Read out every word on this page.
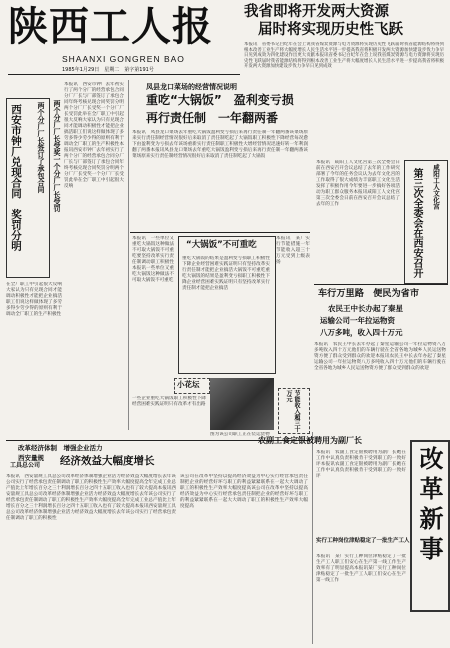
陕西工人报
SHAANXI GONGREN BAO
1985年1月29日　星期二　第字第191号
我省即将开发两大资源
届时将实现历史性飞跃
本报讯　省委书记白纪年在会上说我省煤炭资源与电力资源将实现历史性飞跃届时我省能源结构将得到根本改善工业生产将大幅度增长人民生活水平进一步提高我省将积极开发两大资源加快建设步伐力争早日见到成效为四化建设作出更大贡献本报讯省委书记白纪年在会上说我省煤炭资源与电力资源将实现历史性飞跃届时我省能源结构将得到根本改善工业生产将大幅度增长人民生活水平进一步提高我省将积极开发两大资源加快建设步伐力争早日见到成效
两个分厂厂长签订了承包合同
西安市钟厂兑现合同　奖罚分明	两个分厂厂长受奖一个分厂厂长受罚
本报讯　西安市钟厂去年初实行了两个分厂的经营承包合同分厂厂长与厂部签订了承包合同年终考核兑现合同奖罚分明两个分厂厂长受奖一个分厂厂长受罚此举在全厂职工中引起很大反响大家认为只有兑现合同才能调动积极性才能把企业搞活职工们说这样做体现了多劳多得少劳少得的原则有利于调动全厂职工的生产积极性本报讯西安市钟厂去年初实行了两个分厂的经营承包合同分厂厂长与厂部签订了承包合同年终考核兑现合同奖罚分明两个分厂厂长受奖一个分厂厂长受罚此举在全厂职工中引起很大反响
在全厂职工中引起很大反响大家认为只有兑现合同才能调动积极性才能把企业搞活职工们说这样做体现了多劳多得少劳少得的原则有利于调动全厂职工的生产积极性
凤县龙口菜场的经营情况说明
重吃“大锅饭”　盈利变亏损
再行责任制　一年翻两番
本报讯　凤县龙口菜场去年重吃大锅饭盈利变亏损后来再行责任制一年翻两番该菜场原来实行责任制经营情况很好后来取消了责任制吃起了大锅饭职工积极性下降经营每况愈下由盈利变为亏损去年该场重新实行责任制职工积极性大增经营情况迅速好转一年利润翻了两番本报讯凤县龙口菜场去年重吃大锅饭盈利变亏损后来再行责任制一年翻两番该菜场原来实行责任制经营情况很好后来取消了责任制吃起了大锅饭
咸阳工人文化宫
第三次全委会在西安召开
本报讯　咸阳工人文化宫第三次全委会日前在西安召开会议总结了去年的工作研究部署了今年的任务会议认为去年文化宫的工作取得了很大成绩为丰富职工文化生活发挥了积极作用今年要进一步搞好各项活动为职工群众服务本报讯咸阳工人文化宫第三次全委会日前在西安召开会议总结了去年的工作
车行万里路　便民为省市
农民王中长办起了秦星
运输公司一年拉运物资
八万多吨，收入四十万元
本报讯　农民王中长去年办起了秦星运输公司一年拉运物资八万多吨收入四十万元他们的车辆行驶在全省各地为城乡人民运送物资方便了群众受到群众的欢迎本报讯农民王中长去年办起了秦星运输公司一年拉运物资八万多吨收入四十万元他们的车辆行驶在全省各地为城乡人民运送物资方便了群众受到群众的欢迎
本报讯　一些单位又重吃大锅饭这种做法不可取大锅饭不可重吃要坚持改革实行责任制调动职工积极性本报讯一些单位又重吃大锅饭这种做法不可取大锅饭不可重吃
“大锅饭”不可重吃
重吃大锅饭的结果是盈利变亏损职工积极性下降企业经营困难实践证明只有坚持改革实行责任制才能把企业搞活大锅饭不可重吃重吃大锅饭的结果是盈利变亏损职工积极性下降企业经营困难实践证明只有坚持改革实行责任制才能把企业搞活
本报讯　某厂实行节能措施一年节能收入超三十万元受到上级表扬
节能收入超三十万元
小花坛
一些企业重吃大锅饭职工积极性下降经营困难实践证明只有改革才有出路
图为该公司职工正在装运货物
改革经济体制　增强企业活力
西安量规
工具总公司	经济效益大幅度增长
本报讯　西安量规工具总公司改革经济体制增强企业活力经济效益大幅度增长去年该公司实行了经营承包责任制调动了职工的积极性生产效率大幅度提高全年完成工业总产值比上年增长百分之三十利润增长百分之四十五职工收入也有了较大提高本报讯西安量规工具总公司改革经济体制增强企业活力经济效益大幅度增长去年该公司实行了经营承包责任制调动了职工的积极性生产效率大幅度提高全年完成工业总产值比上年增长百分之三十利润增长百分之四十五职工收入也有了较大提高本报讯西安量规工具总公司改革经济体制增强企业活力经济效益大幅度增长去年该公司实行了经营承包责任制调动了职工的积极性
该公司在改革中坚持以提高经济效益为中心实行经营承包责任制把企业的经营好坏与职工的利益紧紧联系在一起大大调动了职工的积极性生产效率大幅度提高该公司在改革中坚持以提高经济效益为中心实行经营承包责任制把企业的经营好坏与职工的利益紧紧联系在一起大大调动了职工的积极性生产效率大幅度提高
农副工食定银被聘用为副厂长
本报讯　农副工食定银被聘用为副厂长她在工作中认真负责积极肯干受到职工的一致好评本报讯农副工食定银被聘用为副厂长她在工作中认真负责积极肯干受到职工的一致好评
实行工种岗位津贴稳定了一批生产工人
本报讯　某厂实行工种岗位津贴稳定了一批生产工人职工们安心在生产第一线工作生产效率有了明显提高本报讯某厂实行工种岗位津贴稳定了一批生产工人职工们安心在生产第一线工作
改革新事
